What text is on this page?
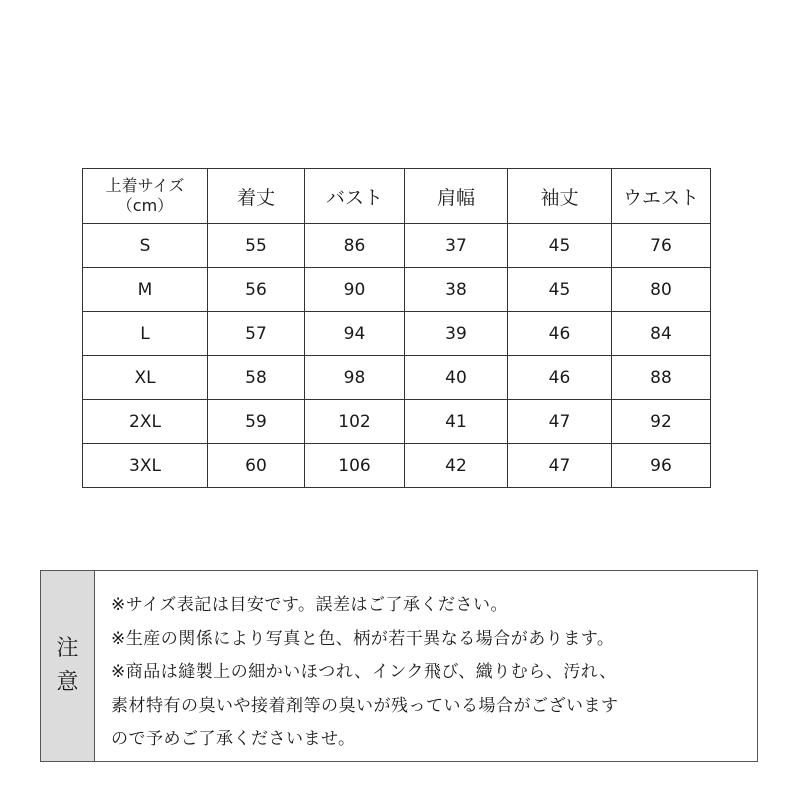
上着サイズ
（cm）	着丈	バスト	肩幅	袖丈	ウエスト
S	55	86	37	45	76
M	56	90	38	45	80
L	57	94	39	46	84
XL	58	98	40	46	88
2XL	59	102	41	47	92
3XL	60	106	42	47	96
注
意
※サイズ表記は目安です。誤差はご了承ください。
※生産の関係により写真と色、柄が若干異なる場合があります。
※商品は縫製上の細かいほつれ、インク飛び、織りむら、汚れ、
素材特有の臭いや接着剤等の臭いが残っている場合がございます
ので予めご了承くださいませ。
